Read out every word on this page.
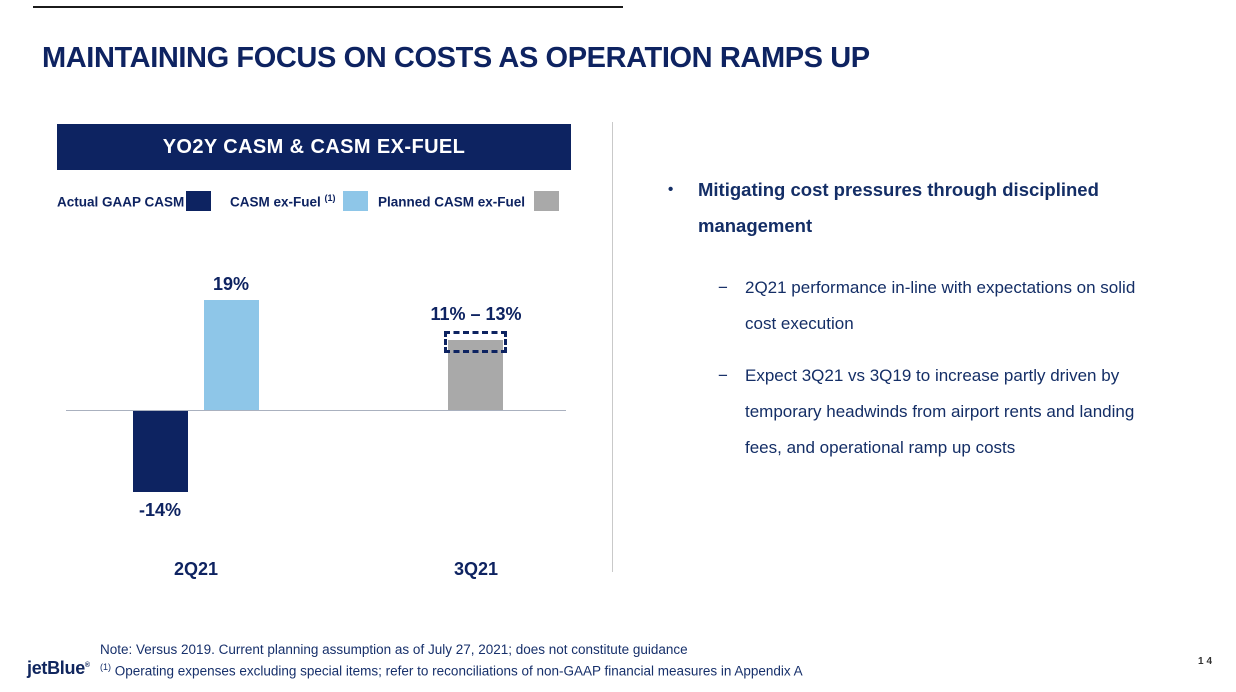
MAINTAINING FOCUS ON COSTS AS OPERATION RAMPS UP
YO2Y CASM & CASM EX-FUEL
Actual GAAP CASM	CASM ex-Fuel $^{(1)}$	Planned CASM ex-Fuel
19%
-14%
11% – 13%
2Q21	3Q21
•	Mitigating cost pressures through disciplined management

−	2Q21 performance in-line with expectations on solid cost execution

−	Expect 3Q21 vs 3Q19 to increase partly driven by temporary headwinds from airport rents and landing fees, and operational ramp up costs

jetBlue®
Note: Versus 2019. Current planning assumption as of July 27, 2021; does not constitute guidance
$^{(1)}$ Operating expenses excluding special items; refer to reconciliations of non-GAAP financial measures in Appendix A
14
